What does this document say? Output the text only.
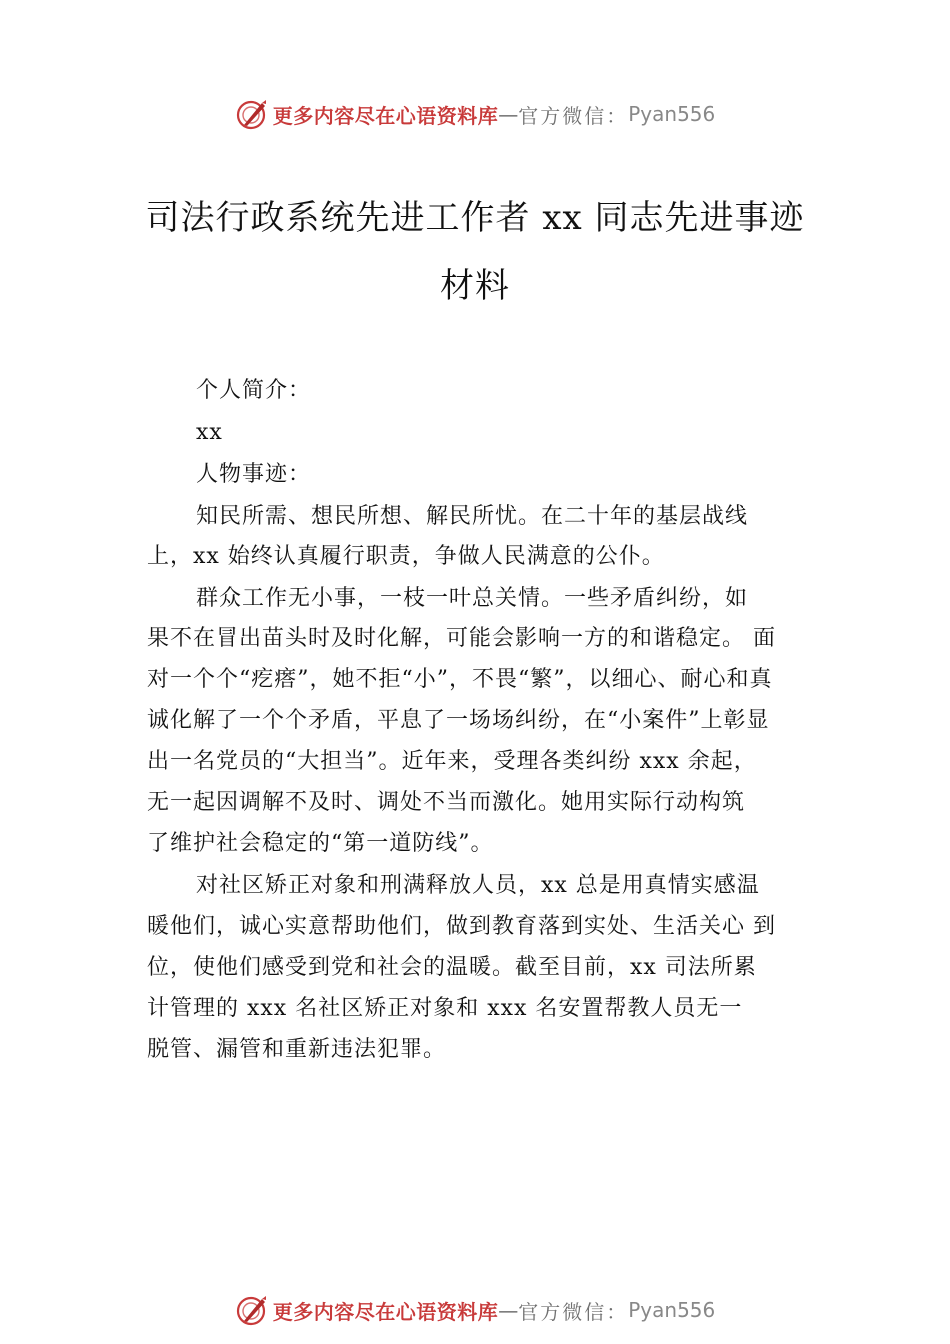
更多内容尽在心语资料库 — 官方微信： Pyan556
司法行政系统先进工作者 xx 同志先进事迹
材料
个人简介：
xx
人物事迹：
知民所需、想民所想、解民所忧。在二十年的基层战线
上，xx 始终认真履行职责，争做人民满意的公仆。
群众工作无小事，一枝一叶总关情。一些矛盾纠纷，如
果不在冒出苗头时及时化解，可能会影响一方的和谐稳定。 面
对一个个“疙瘩”，她不拒“小”，不畏“繁”，以细心、耐心和真
诚化解了一个个矛盾，平息了一场场纠纷，在“小案件”上彰显
出一名党员的“大担当”。近年来，受理各类纠纷 xxx 余起，
无一起因调解不及时、调处不当而激化。她用实际行动构筑
了维护社会稳定的“第一道防线”。
对社区矫正对象和刑满释放人员，xx 总是用真情实感温
暖他们，诚心实意帮助他们，做到教育落到实处、生活关心 到
位，使他们感受到党和社会的温暖。截至目前，xx 司法所累
计管理的 xxx 名社区矫正对象和 xxx 名安置帮教人员无一
脱管、漏管和重新违法犯罪。
更多内容尽在心语资料库 — 官方微信： Pyan556
